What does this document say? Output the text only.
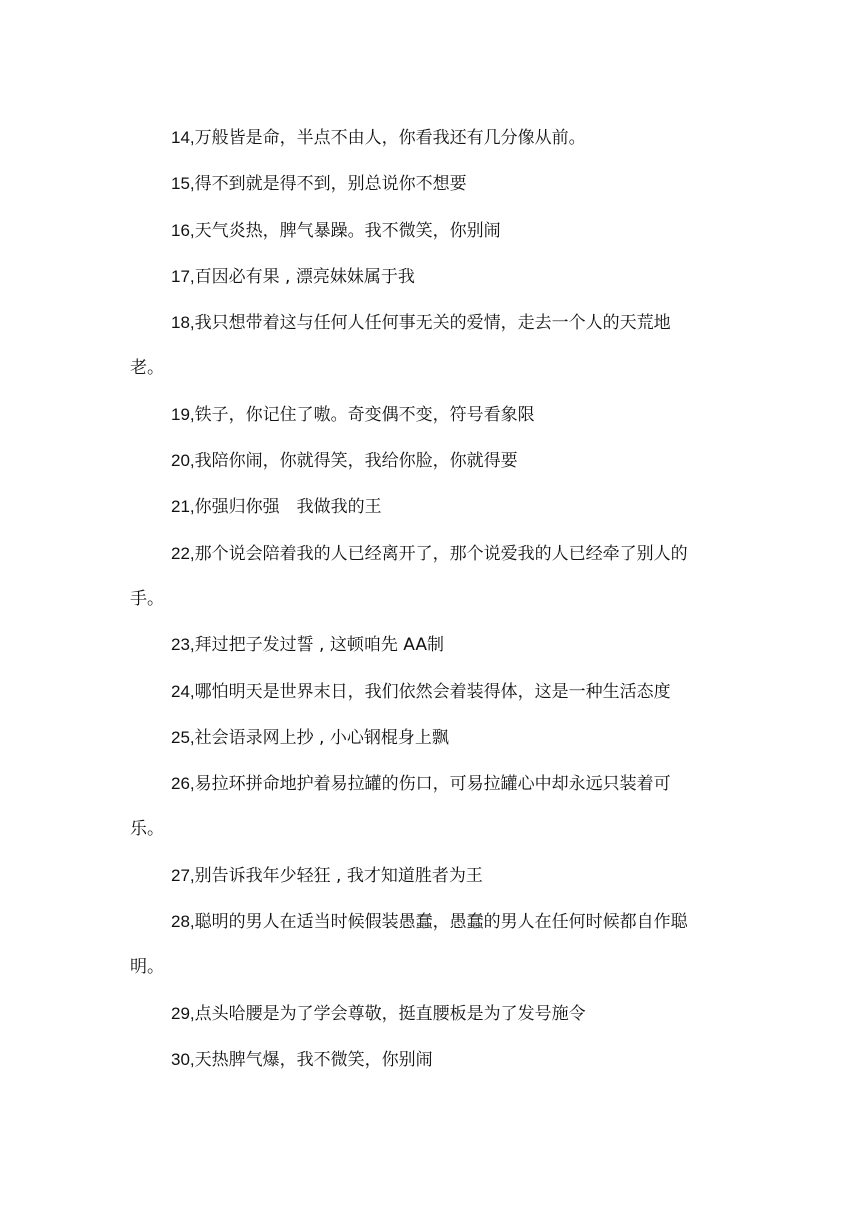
14,万般皆是命，半点不由人，你看我还有几分像从前。

15,得不到就是得不到，别总说你不想要

16,天气炎热，脾气暴躁。我不微笑，你别闹

17,百因必有果 , 漂亮妹妹属于我

18,我只想带着这与任何人任何事无关的爱情，走去一个人的天荒地老。

19,铁子，你记住了嗷。奇变偶不变，符号看象限

20,我陪你闹，你就得笑，我给你脸，你就得要

21,你强归你强　我做我的王

22,那个说会陪着我的人已经离开了，那个说爱我的人已经牵了别人的手。

23,拜过把子发过誓 , 这顿咱先 AA制

24,哪怕明天是世界末日，我们依然会着装得体，这是一种生活态度

25,社会语录网上抄 , 小心钢棍身上飘

26,易拉环拼命地护着易拉罐的伤口，可易拉罐心中却永远只装着可乐。

27,别告诉我年少轻狂 , 我才知道胜者为王

28,聪明的男人在适当时候假装愚蠢，愚蠢的男人在任何时候都自作聪明。

29,点头哈腰是为了学会尊敬，挺直腰板是为了发号施令

30,天热脾气爆，我不微笑，你别闹
